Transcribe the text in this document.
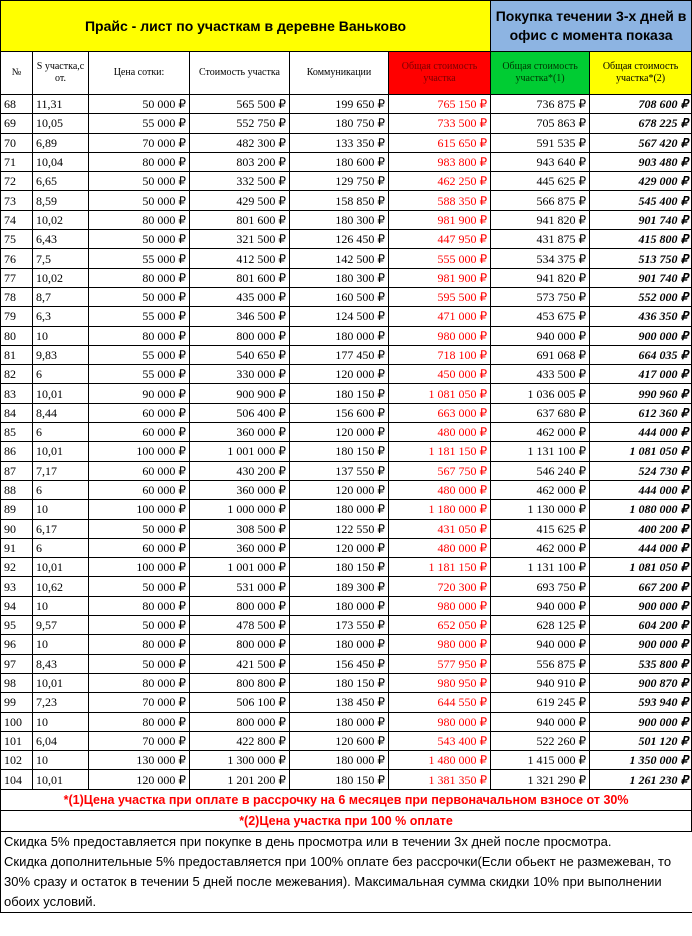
Прайс - лист по участкам в деревне Ваньково						Покупка течении 3-х дней в офис с момента показа	
№	S участка,с от.	Цена сотки:	Стоимость участка	Коммуникации	Общая стоимость участка	Общая стоимость участка*(1)	Общая стоимость участка*(2)
68	11,31	50 000 ₽	565 500 ₽	199 650 ₽	765 150 ₽	736 875 ₽	708 600 ₽
69	10,05	55 000 ₽	552 750 ₽	180 750 ₽	733 500 ₽	705 863 ₽	678 225 ₽
70	6,89	70 000 ₽	482 300 ₽	133 350 ₽	615 650 ₽	591 535 ₽	567 420 ₽
71	10,04	80 000 ₽	803 200 ₽	180 600 ₽	983 800 ₽	943 640 ₽	903 480 ₽
72	6,65	50 000 ₽	332 500 ₽	129 750 ₽	462 250 ₽	445 625 ₽	429 000 ₽
73	8,59	50 000 ₽	429 500 ₽	158 850 ₽	588 350 ₽	566 875 ₽	545 400 ₽
74	10,02	80 000 ₽	801 600 ₽	180 300 ₽	981 900 ₽	941 820 ₽	901 740 ₽
75	6,43	50 000 ₽	321 500 ₽	126 450 ₽	447 950 ₽	431 875 ₽	415 800 ₽
76	7,5	55 000 ₽	412 500 ₽	142 500 ₽	555 000 ₽	534 375 ₽	513 750 ₽
77	10,02	80 000 ₽	801 600 ₽	180 300 ₽	981 900 ₽	941 820 ₽	901 740 ₽
78	8,7	50 000 ₽	435 000 ₽	160 500 ₽	595 500 ₽	573 750 ₽	552 000 ₽
79	6,3	55 000 ₽	346 500 ₽	124 500 ₽	471 000 ₽	453 675 ₽	436 350 ₽
80	10	80 000 ₽	800 000 ₽	180 000 ₽	980 000 ₽	940 000 ₽	900 000 ₽
81	9,83	55 000 ₽	540 650 ₽	177 450 ₽	718 100 ₽	691 068 ₽	664 035 ₽
82	6	55 000 ₽	330 000 ₽	120 000 ₽	450 000 ₽	433 500 ₽	417 000 ₽
83	10,01	90 000 ₽	900 900 ₽	180 150 ₽	1 081 050 ₽	1 036 005 ₽	990 960 ₽
84	8,44	60 000 ₽	506 400 ₽	156 600 ₽	663 000 ₽	637 680 ₽	612 360 ₽
85	6	60 000 ₽	360 000 ₽	120 000 ₽	480 000 ₽	462 000 ₽	444 000 ₽
86	10,01	100 000 ₽	1 001 000 ₽	180 150 ₽	1 181 150 ₽	1 131 100 ₽	1 081 050 ₽
87	7,17	60 000 ₽	430 200 ₽	137 550 ₽	567 750 ₽	546 240 ₽	524 730 ₽
88	6	60 000 ₽	360 000 ₽	120 000 ₽	480 000 ₽	462 000 ₽	444 000 ₽
89	10	100 000 ₽	1 000 000 ₽	180 000 ₽	1 180 000 ₽	1 130 000 ₽	1 080 000 ₽
90	6,17	50 000 ₽	308 500 ₽	122 550 ₽	431 050 ₽	415 625 ₽	400 200 ₽
91	6	60 000 ₽	360 000 ₽	120 000 ₽	480 000 ₽	462 000 ₽	444 000 ₽
92	10,01	100 000 ₽	1 001 000 ₽	180 150 ₽	1 181 150 ₽	1 131 100 ₽	1 081 050 ₽
93	10,62	50 000 ₽	531 000 ₽	189 300 ₽	720 300 ₽	693 750 ₽	667 200 ₽
94	10	80 000 ₽	800 000 ₽	180 000 ₽	980 000 ₽	940 000 ₽	900 000 ₽
95	9,57	50 000 ₽	478 500 ₽	173 550 ₽	652 050 ₽	628 125 ₽	604 200 ₽
96	10	80 000 ₽	800 000 ₽	180 000 ₽	980 000 ₽	940 000 ₽	900 000 ₽
97	8,43	50 000 ₽	421 500 ₽	156 450 ₽	577 950 ₽	556 875 ₽	535 800 ₽
98	10,01	80 000 ₽	800 800 ₽	180 150 ₽	980 950 ₽	940 910 ₽	900 870 ₽
99	7,23	70 000 ₽	506 100 ₽	138 450 ₽	644 550 ₽	619 245 ₽	593 940 ₽
100	10	80 000 ₽	800 000 ₽	180 000 ₽	980 000 ₽	940 000 ₽	900 000 ₽
101	6,04	70 000 ₽	422 800 ₽	120 600 ₽	543 400 ₽	522 260 ₽	501 120 ₽
102	10	130 000 ₽	1 300 000 ₽	180 000 ₽	1 480 000 ₽	1 415 000 ₽	1 350 000 ₽
104	10,01	120 000 ₽	1 201 200 ₽	180 150 ₽	1 381 350 ₽	1 321 290 ₽	1 261 230 ₽
*(1)Цена участка при оплате в рассрочку на 6 месяцев при первоначальном взносе от 30%							
*(2)Цена участка при 100 % оплате							

Скидка 5% предоставляется при покупке в день просмотра или в течении 3х дней после просмотра.

Скидка дополнительные 5% предоставляется при 100% оплате без рассрочки(Если обьект не размежеван, то 30% сразу и остаток в течении 5 дней после межевания). Максимальная сумма скидки 10% при выполнении обоих условий.
